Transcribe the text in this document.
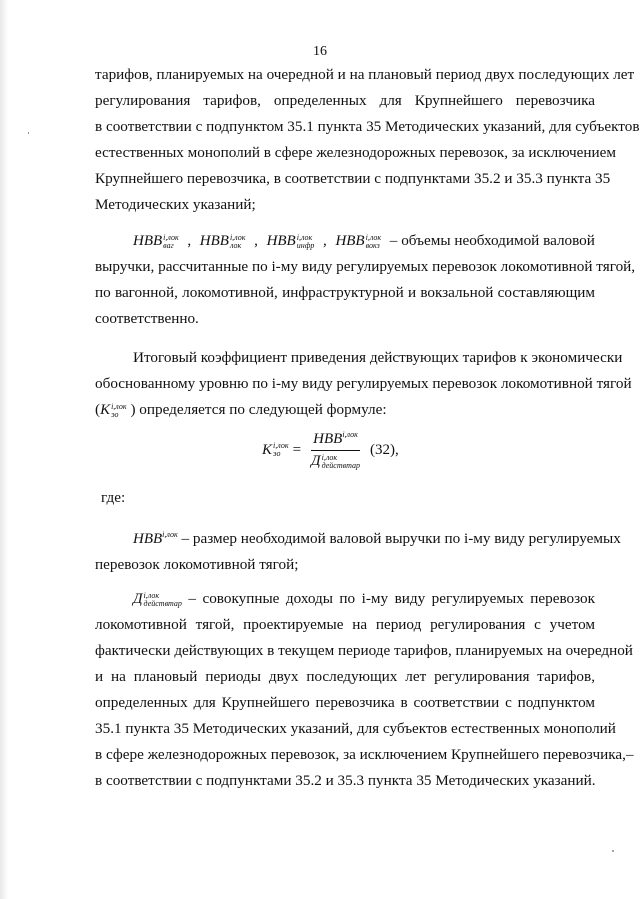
16
тарифов, планируемых на очередной и на плановый период двух последующих лет
регулирования тарифов, определенных для Крупнейшего перевозчика
в соответствии с подпунктом 35.1 пункта 35 Методических указаний, для субъектов
естественных монополий в сфере железнодорожных перевозок, за исключением
Крупнейшего перевозчика, в соответствии с подпунктами 35.2 и 35.3 пункта 35
Методических указаний;
НВВ i,лок
ваг , НВВ i,лок
лок , НВВ i,лок
инфр , НВВ i,лок
вокз – объемы необходимой валовой
выручки, рассчитанные по i-му виду регулируемых перевозок локомотивной тягой,
по вагонной, локомотивной, инфраструктурной и вокзальной составляющим
соответственно.
Итоговый коэффициент приведения действующих тарифов к экономически
обоснованному уровню по i-му виду регулируемых перевозок локомотивной тягой
(K i,лок
эо ) определяется по следующей формуле:
K i,лок
эо = $НВВ^{i,лок}$
Д i,лок
действтар (32),
где:
$НВВ^{i,лок}$ – размер необходимой валовой выручки по i-му виду регулируемых
перевозок локомотивной тягой;
Д i,лок
действтар – совокупные доходы по i-му виду регулируемых перевозок
локомотивной тягой, проектируемые на период регулирования с учетом
фактически действующих в текущем периоде тарифов, планируемых на очередной
и на плановый периоды двух последующих лет регулирования тарифов,
определенных для Крупнейшего перевозчика в соответствии с подпунктом
35.1 пункта 35 Методических указаний, для субъектов естественных монополий
в сфере железнодорожных перевозок, за исключением Крупнейшего перевозчика,–
в соответствии с подпунктами 35.2 и 35.3 пункта 35 Методических указаний.
